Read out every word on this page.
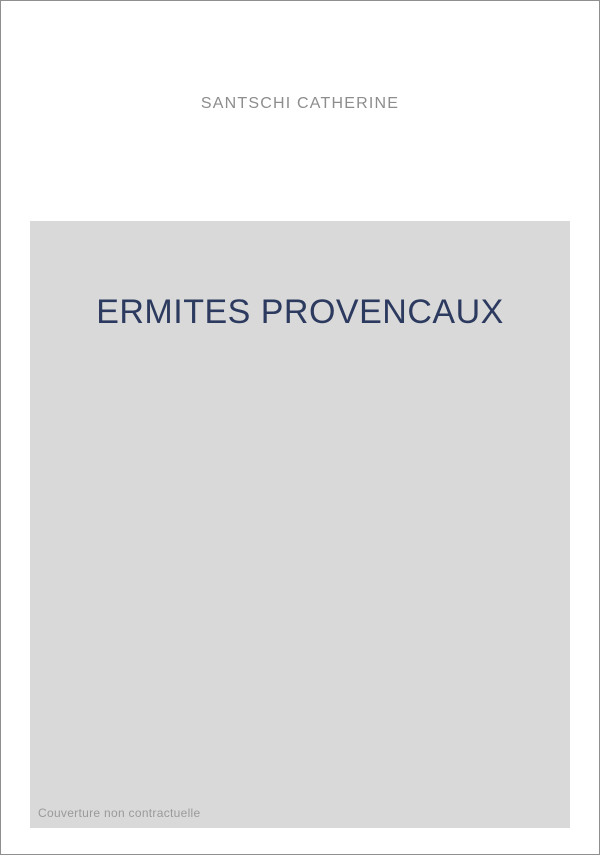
SANTSCHI CATHERINE
ERMITES PROVENCAUX
Couverture non contractuelle
